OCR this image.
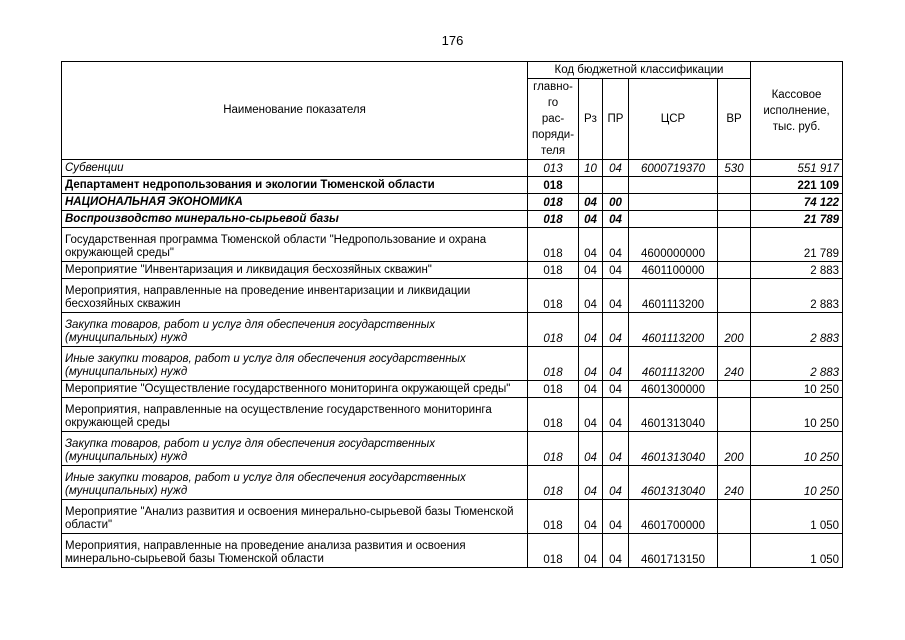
176
Наименование показателя	Код бюджетной классификации					Кассовое исполнение, тыс. руб.
	главно-го рас-поряди-теля	Рз	ПР	ЦСР	ВР	
Субвенции	013	10	04	6000719370	530	551 917
Департамент недропользования и экологии Тюменской области	018					221 109
НАЦИОНАЛЬНАЯ ЭКОНОМИКА	018	04	00			74 122
Воспроизводство минерально-сырьевой базы	018	04	04			21 789
Государственная программа Тюменской области "Недропользование и охрана окружающей среды"	018	04	04	4600000000		21 789
Мероприятие "Инвентаризация и ликвидация бесхозяйных скважин"	018	04	04	4601100000		2 883
Мероприятия, направленные на проведение инвентаризации и ликвидации бесхозяйных скважин	018	04	04	4601113200		2 883
Закупка товаров, работ и услуг для обеспечения государственных (муниципальных) нужд	018	04	04	4601113200	200	2 883
Иные закупки товаров, работ и услуг для обеспечения государственных (муниципальных) нужд	018	04	04	4601113200	240	2 883
Мероприятие "Осуществление государственного мониторинга окружающей среды"	018	04	04	4601300000		10 250
Мероприятия, направленные на осуществление государственного мониторинга окружающей среды	018	04	04	4601313040		10 250
Закупка товаров, работ и услуг для обеспечения государственных (муниципальных) нужд	018	04	04	4601313040	200	10 250
Иные закупки товаров, работ и услуг для обеспечения государственных (муниципальных) нужд	018	04	04	4601313040	240	10 250
Мероприятие "Анализ развития и освоения минерально-сырьевой базы Тюменской области"	018	04	04	4601700000		1 050
Мероприятия, направленные на проведение анализа развития и освоения минерально-сырьевой базы Тюменской области	018	04	04	4601713150		1 050
